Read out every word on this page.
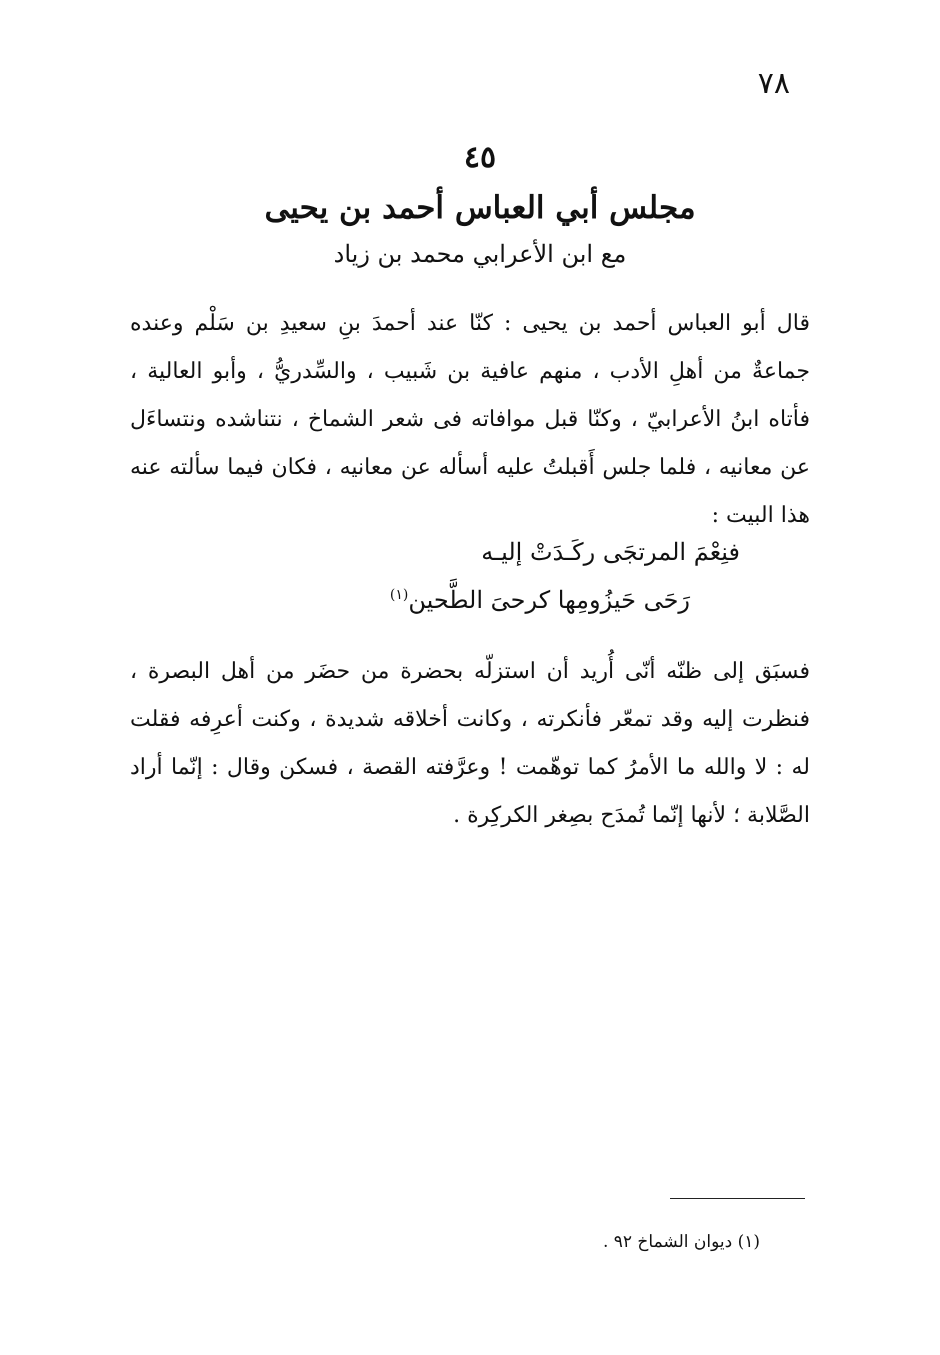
٧٨
٤٥
مجلس أبي العباس أحمد بن يحيى
مع ابن الأعرابي محمد بن زياد

قال أبو العباس أحمد بن يحيى : كنّا عند أحمدَ بنِ سعيدِ بن سَلْم وعنده جماعةٌ من أهلِ الأدب ، منهم عافية بن شَبيب ، والسِّدريُّ ، وأبو العالية ، فأتاه ابنُ الأعرابيّ ، وكنّا قبل موافاته فى شعر الشماخ ، نتناشده ونتساءَل عن معانيه ، فلما جلس أَقبلتُ عليه أسأله عن معانيه ، فكان فيما سألته عنه هذا البيت :

فنِعْمَ المرتجَى ركَـدَتْ إليـه
رَحَى حَيزُومِها كرحىَ الطَّحين$^{(١)}$

فسبَق إلى ظنّه أنّى أُريد أن استزلّه بحضرة من حضَر من أهل البصرة ، فنظرت إليه وقد تمعّر فأنكرته ، وكانت أخلاقه شديدة ، وكنت أعرِفه فقلت له : لا والله ما الأمرُ كما توهّمت ! وعرَّفته القصة ، فسكن وقال : إنّما أراد الصَّلابة ؛ لأنها إنّما تُمدَح بصِغر الكركِرة .

(١) ديوان الشماخ ٩٢ .
